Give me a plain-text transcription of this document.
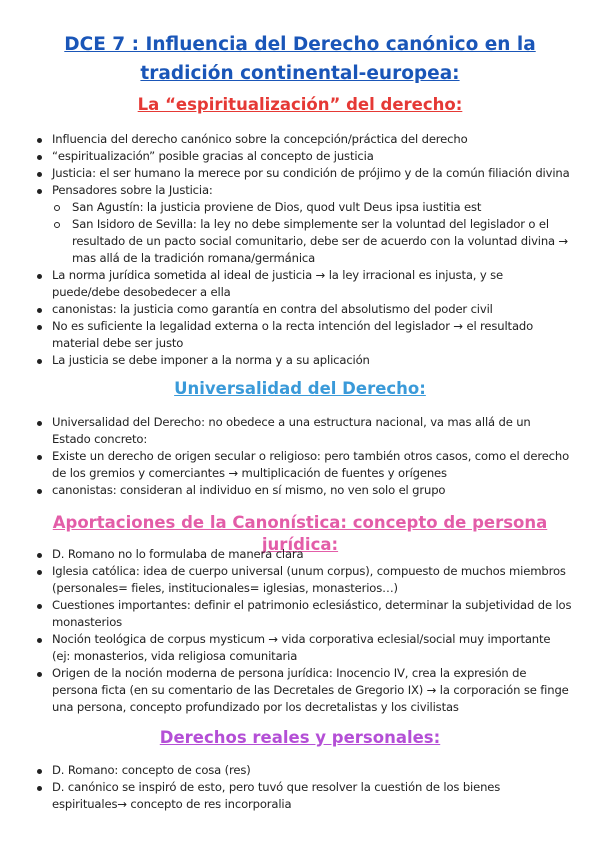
DCE 7 : Influencia del Derecho canónico en la tradición continental-europea:
La “espiritualización” del derecho:
Influencia del derecho canónico sobre la concepción/práctica del derecho
“espiritualización” posible gracias al concepto de justicia
Justicia: el ser humano la merece por su condición de prójimo y de la común filiación divina
Pensadores sobre la Justicia:
San Agustín: la justicia proviene de Dios, quod vult Deus ipsa iustitia est
San Isidoro de Sevilla: la ley no debe simplemente ser la voluntad del legislador o el resultado de un pacto social comunitario, debe ser de acuerdo con la voluntad divina → mas allá de la tradición romana/germánica
La norma jurídica sometida al ideal de justicia → la ley irracional es injusta, y se puede/debe desobedecer a ella
canonistas: la justicia como garantía en contra del absolutismo del poder civil
No es suficiente la legalidad externa o la recta intención del legislador → el resultado material debe ser justo
La justicia se debe imponer a la norma y a su aplicación
Universalidad del Derecho:
Universalidad del Derecho: no obedece a una estructura nacional, va mas allá de un Estado concreto:
Existe un derecho de origen secular o religioso: pero también otros casos, como el derecho de los gremios y comerciantes → multiplicación de fuentes y orígenes
canonistas: consideran al individuo en sí mismo, no ven solo el grupo
Aportaciones de la Canonística: concepto de persona jurídica:
D. Romano no lo formulaba de manera clara
Iglesia católica: idea de cuerpo universal (unum corpus), compuesto de muchos miembros (personales= fieles, institucionales= iglesias, monasterios…)
Cuestiones importantes: definir el patrimonio eclesiástico, determinar la subjetividad de los monasterios
Noción teológica de corpus mysticum → vida corporativa eclesial/social muy importante (ej: monasterios, vida religiosa comunitaria
Origen de la noción moderna de persona jurídica: Inocencio IV, crea la expresión de persona ficta (en su comentario de las Decretales de Gregorio IX) → la corporación se finge una persona, concepto profundizado por los decretalistas y los civilistas
Derechos reales y personales:
D. Romano: concepto de cosa (res)
D. canónico se inspiró de esto, pero tuvó que resolver la cuestión de los bienes espirituales→ concepto de res incorporalia
